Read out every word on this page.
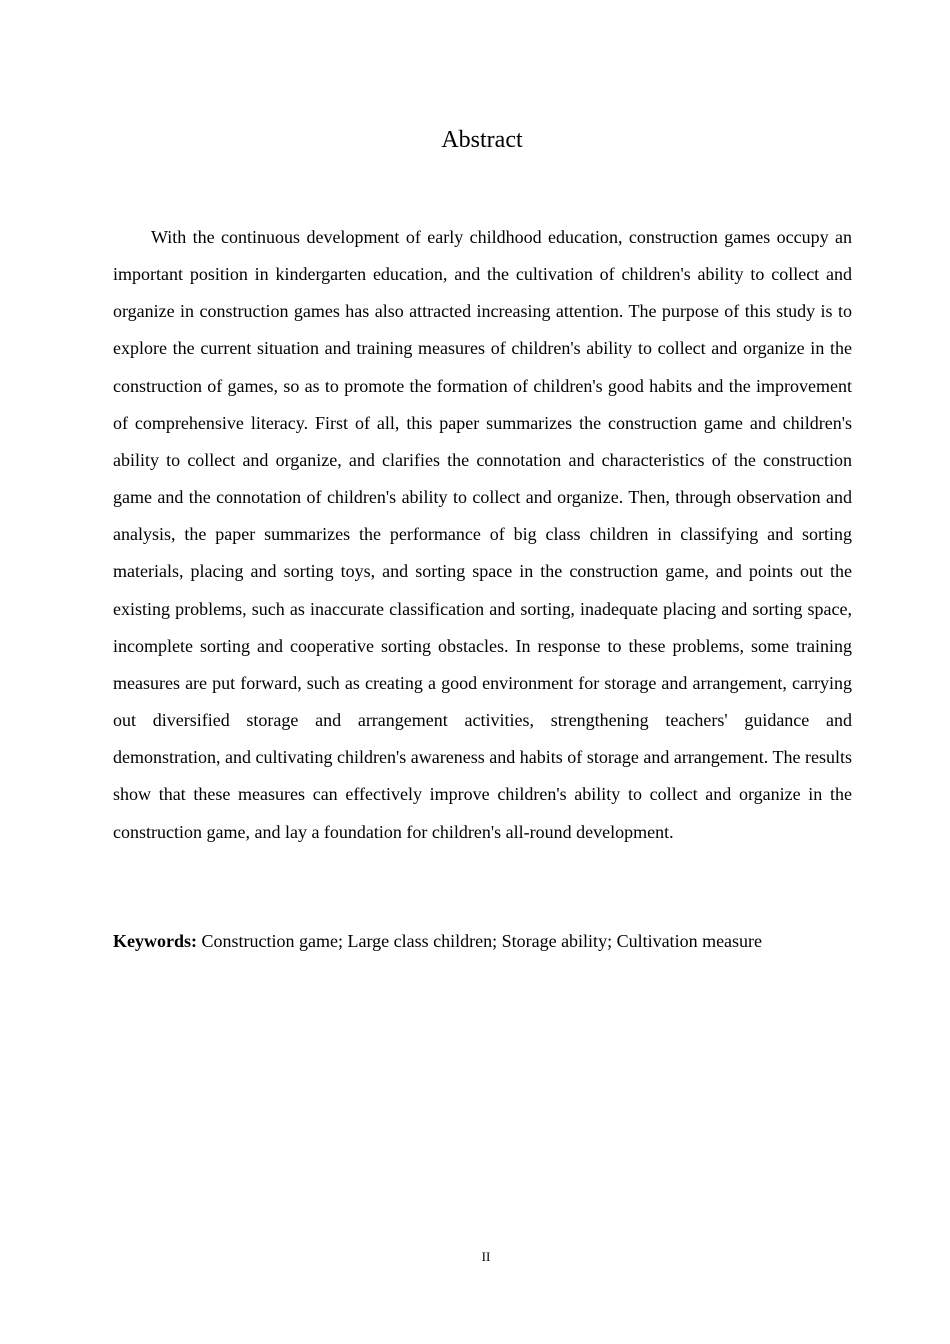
Abstract

With the continuous development of early childhood education, construction games occupy an important position in kindergarten education, and the cultivation of children's ability to collect and organize in construction games has also attracted increasing attention. The purpose of this study is to explore the current situation and training measures of children's ability to collect and organize in the construction of games, so as to promote the formation of children's good habits and the improvement of comprehensive literacy. First of all, this paper summarizes the construction game and children's ability to collect and organize, and clarifies the connotation and characteristics of the construction game and the connotation of children's ability to collect and organize. Then, through observation and analysis, the paper summarizes the performance of big class children in classifying and sorting materials, placing and sorting toys, and sorting space in the construction game, and points out the existing problems, such as inaccurate classification and sorting, inadequate placing and sorting space, incomplete sorting and cooperative sorting obstacles. In response to these problems, some training measures are put forward, such as creating a good environment for storage and arrangement, carrying out diversified storage and arrangement activities, strengthening teachers' guidance and demonstration, and cultivating children's awareness and habits of storage and arrangement. The results show that these measures can effectively improve children's ability to collect and organize in the construction game, and lay a foundation for children's all-round development.

Keywords: Construction game; Large class children; Storage ability; Cultivation measure

II
